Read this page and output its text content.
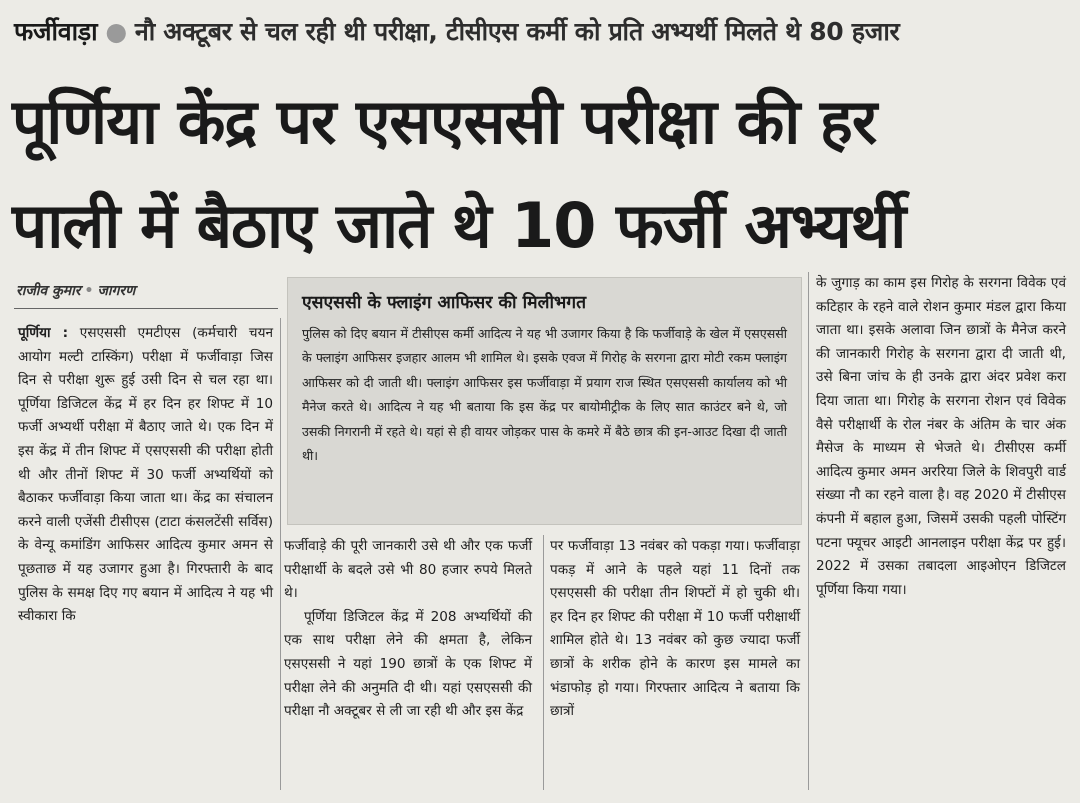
फर्जीवाड़ा ● नौ अक्टूबर से चल रही थी परीक्षा, टीसीएस कर्मी को प्रति अभ्यर्थी मिलते थे 80 हजार
पूर्णिया केंद्र पर एसएससी परीक्षा की हर
पाली में बैठाए जाते थे 10 फर्जी अभ्यर्थी
राजीव कुमार • जागरण
पूर्णिया : एसएससी एमटीएस (कर्मचारी चयन आयोग मल्टी टास्किंग) परीक्षा में फर्जीवाड़ा जिस दिन से परीक्षा शुरू हुई उसी दिन से चल रहा था। पूर्णिया डिजिटल केंद्र में हर दिन हर शिफ्ट में 10 फर्जी अभ्यर्थी परीक्षा में बैठाए जाते थे। एक दिन में इस केंद्र में तीन शिफ्ट में एसएससी की परीक्षा होती थी और तीनों शिफ्ट में 30 फर्जी अभ्यर्थियों को बैठाकर फर्जीवाड़ा किया जाता था। केंद्र का संचालन करने वाली एजेंसी टीसीएस (टाटा कंसलटेंसी सर्विस) के वेन्यू कमांडिंग आफिसर आदित्य कुमार अमन से पूछताछ में यह उजागर हुआ है। गिरफ्तारी के बाद पुलिस के समक्ष दिए गए बयान में आदित्य ने यह भी स्वीकारा कि
एसएससी के फ्लाइंग आफिसर की मिलीभगत

पुलिस को दिए बयान में टीसीएस कर्मी आदित्य ने यह भी उजागर किया है कि फर्जीवाड़े के खेल में एसएससी के फ्लाइंग आफिसर इजहार आलम भी शामिल थे। इसके एवज में गिरोह के सरगना द्वारा मोटी रकम फ्लाइंग आफिसर को दी जाती थी। फ्लाइंग आफिसर इस फर्जीवाड़ा में प्रयाग राज स्थित एसएससी कार्यालय को भी मैनेज करते थे। आदित्य ने यह भी बताया कि इस केंद्र पर बायोमीट्रीक के लिए सात काउंटर बने थे, जो उसकी निगरानी में रहते थे। यहां से ही वायर जोड़कर पास के कमरे में बैठे छात्र की इन-आउट दिखा दी जाती थी।

फर्जीवाड़े की पूरी जानकारी उसे थी और एक फर्जी परीक्षार्थी के बदले उसे भी 80 हजार रुपये मिलते थे।
पूर्णिया डिजिटल केंद्र में 208 अभ्यर्थियों की एक साथ परीक्षा लेने की क्षमता है, लेकिन एसएससी ने यहां 190 छात्रों के एक शिफ्ट में परीक्षा लेने की अनुमति दी थी। यहां एसएससी की परीक्षा नौ अक्टूबर से ली जा रही थी और इस केंद्र
पर फर्जीवाड़ा 13 नवंबर को पकड़ा गया। फर्जीवाड़ा पकड़ में आने के पहले यहां 11 दिनों तक एसएससी की परीक्षा तीन शिफ्टों में हो चुकी थी। हर दिन हर शिफ्ट की परीक्षा में 10 फर्जी परीक्षार्थी शामिल होते थे। 13 नवंबर को कुछ ज्यादा फर्जी छात्रों के शरीक होने के कारण इस मामले का भंडाफोड़ हो गया। गिरफ्तार आदित्य ने बताया कि छात्रों
के जुगाड़ का काम इस गिरोह के सरगना विवेक एवं कटिहार के रहने वाले रोशन कुमार मंडल द्वारा किया जाता था। इसके अलावा जिन छात्रों के मैनेज करने की जानकारी गिरोह के सरगना द्वारा दी जाती थी, उसे बिना जांच के ही उनके द्वारा अंदर प्रवेश करा दिया जाता था। गिरोह के सरगना रोशन एवं विवेक वैसे परीक्षार्थी के रोल नंबर के अंतिम के चार अंक मैसेज के माध्यम से भेजते थे। टीसीएस कर्मी आदित्य कुमार अमन अररिया जिले के शिवपुरी वार्ड संख्या नौ का रहने वाला है। वह 2020 में टीसीएस कंपनी में बहाल हुआ, जिसमें उसकी पहली पोस्टिंग पटना फ्यूचर आइटी आनलाइन परीक्षा केंद्र पर हुई। 2022 में उसका तबादला आइओएन डिजिटल पूर्णिया किया गया।
